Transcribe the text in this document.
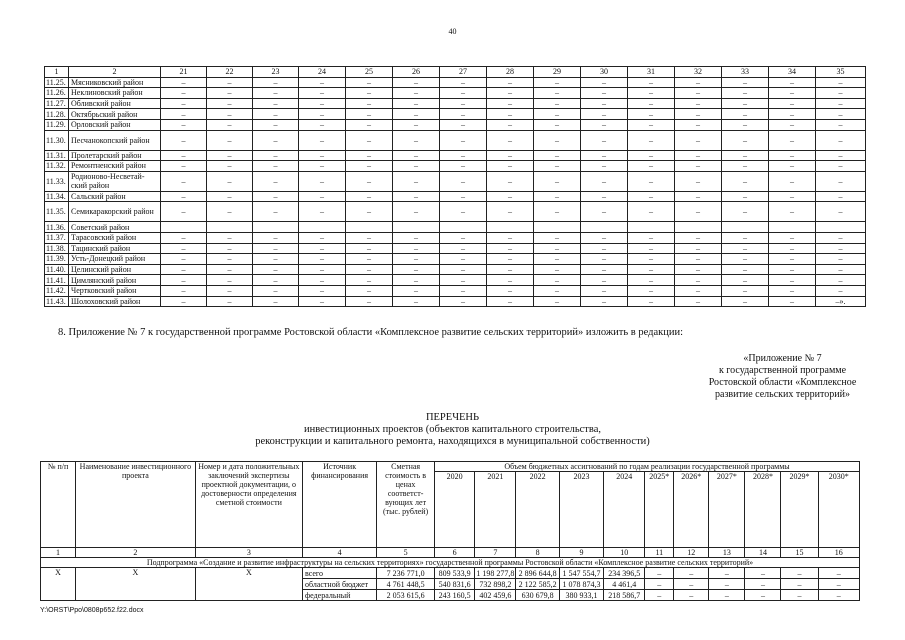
40
1	2	21	22	23	24	25	26	27	28	29	30	31	32	33	34	35
11.25.	Мясниковский район	–	–	–	–	–	–	–	–	–	–	–	–	–	–	–
11.26.	Неклиновский район	–	–	–	–	–	–	–	–	–	–	–	–	–	–	–
11.27.	Обливский район	–	–	–	–	–	–	–	–	–	–	–	–	–	–	–
11.28.	Октябрьский район	–	–	–	–	–	–	–	–	–	–	–	–	–	–	–
11.29.	Орловский район	–	–	–	–	–	–	–	–	–	–	–	–	–	–	–
11.30.	Песчанокопский район	–	–	–	–	–	–	–	–	–	–	–	–	–	–	–
11.31.	Пролетарский район	–	–	–	–	–	–	–	–	–	–	–	–	–	–	–
11.32.	Ремонтненский район	–	–	–	–	–	–	–	–	–	–	–	–	–	–	–
11.33.	Родионово-Несветай-ский район	–	–	–	–	–	–	–	–	–	–	–	–	–	–	–
11.34.	Сальский район	–	–	–	–	–	–	–	–	–	–	–	–	–	–	–
11.35.	Семикаракорский район	–	–	–	–	–	–	–	–	–	–	–	–	–	–	–
11.36.	Советский район															
11.37.	Тарасовский район	–	–	–	–	–	–	–	–	–	–	–	–	–	–	–
11.38.	Тацинский район	–	–	–	–	–	–	–	–	–	–	–	–	–	–	–
11.39.	Усть-Донецкий район	–	–	–	–	–	–	–	–	–	–	–	–	–	–	–
11.40.	Целинский район	–	–	–	–	–	–	–	–	–	–	–	–	–	–	–
11.41.	Цимлянский район	–	–	–	–	–	–	–	–	–	–	–	–	–	–	–
11.42.	Чертковский район	–	–	–	–	–	–	–	–	–	–	–	–	–	–	–
11.43.	Шолоховский район	–	–	–	–	–	–	–	–	–	–	–	–	–	–	–».
8. Приложение № 7 к государственной программе Ростовской области «Комплексное развитие сельских территорий» изложить в редакции:
«Приложение № 7
к государственной программе
Ростовской области «Комплексное
развитие сельских территорий»
ПЕРЕЧЕНЬ
инвестиционных проектов (объектов капитального строительства,
реконструкции и капитального ремонта, находящихся в муниципальной собственности)
№ п/п	Наименование инвестиционного проекта	Номер и дата положительных заключений экспертизы проектной документации, о достоверности определения сметной стоимости	Источник финансирования	Сметная стоимость в ценах соответст-вующих лет (тыс. рублей)	Объем бюджетных ассигнований по годам реализации государственной программы										
					2020	2021	2022	2023	2024	2025*	2026*	2027*	2028*	2029*	2030*
1	2	3	4	5	6	7	8	9	10	11	12	13	14	15	16
Подпрограмма «Создание и развитие инфраструктуры на сельских территориях» государственной программы Ростовской области «Комплексное развитие сельских территорий»															
X	X	X	всего	7 236 771,0	809 533,9	1 198 277,8	2 896 644,8	1 547 554,7	234 396,5	–	–	–	–	–	–
			областной бюджет	4 761 448,5	540 831,6	732 898,2	2 122 585,2	1 078 874,3	4 461,4	–	–	–	–	–	–
			федеральный	2 053 615,6	243 160,5	402 459,6	630 679,8	380 933,1	218 586,7	–	–	–	–	–	–
Y:\ORST\Ppo\0808p652.f22.docx
